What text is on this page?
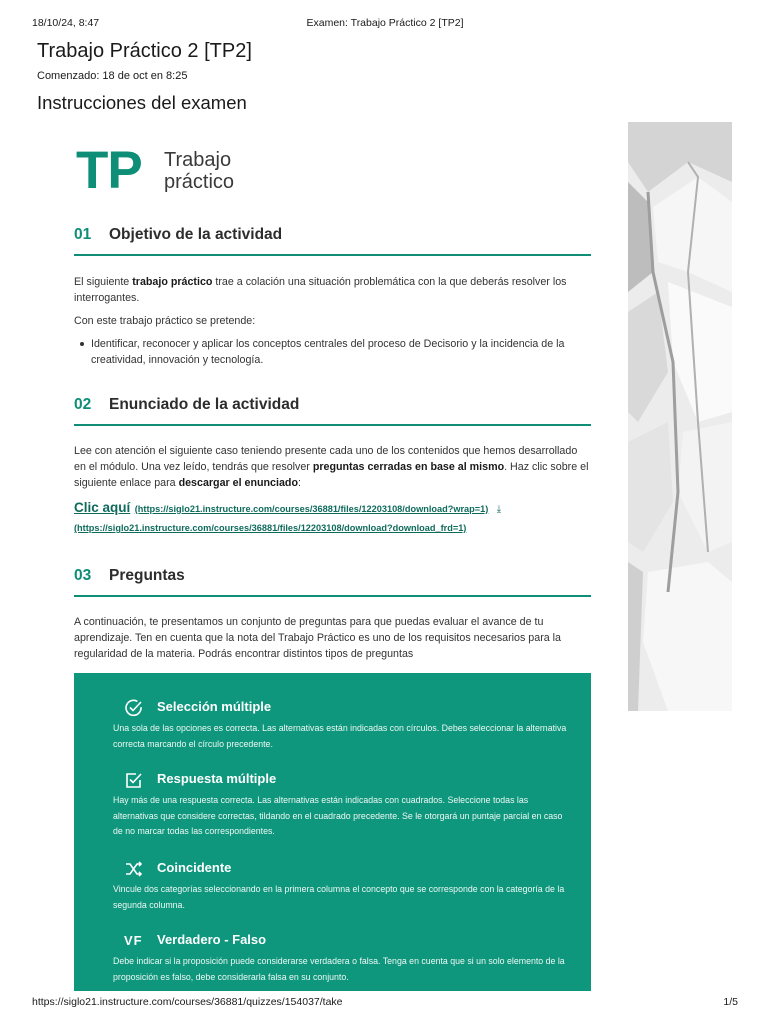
18/10/24, 8:47	Examen: Trabajo Práctico 2 [TP2]
Trabajo Práctico 2 [TP2]
Comenzado: 18 de oct en 8:25
Instrucciones del examen
TP Trabajo
práctico
01 Objetivo de la actividad
El siguiente trabajo práctico trae a colación una situación problemática con la que deberás resolver los interrogantes.
Con este trabajo práctico se pretende:
Identificar, reconocer y aplicar los conceptos centrales del proceso de Decisorio y la incidencia de la creatividad, innovación y tecnología.
02 Enunciado de la actividad
Lee con atención el siguiente caso teniendo presente cada uno de los contenidos que hemos desarrollado en el módulo. Una vez leído, tendrás que resolver preguntas cerradas en base al mismo. Haz clic sobre el siguiente enlace para descargar el enunciado:
Clic aquí (https://siglo21.instructure.com/courses/36881/files/12203108/download?wrap=1) ⤓
(https://siglo21.instructure.com/courses/36881/files/12203108/download?download_frd=1)
03 Preguntas
A continuación, te presentamos un conjunto de preguntas para que puedas evaluar el avance de tu aprendizaje. Ten en cuenta que la nota del Trabajo Práctico es uno de los requisitos necesarios para la regularidad de la materia. Podrás encontrar distintos tipos de preguntas
Selección múltiple
Una sola de las opciones es correcta. Las alternativas están indicadas con círculos. Debes seleccionar la alternativa correcta marcando el círculo precedente.
Respuesta múltiple
Hay más de una respuesta correcta. Las alternativas están indicadas con cuadrados. Seleccione todas las alternativas que considere correctas, tildando en el cuadrado precedente. Se le otorgará un puntaje parcial en caso de no marcar todas las correspondientes.
Coincidente
Vincule dos categorías seleccionando en la primera columna el concepto que se corresponde con la categoría de la segunda columna.
VF Verdadero - Falso
Debe indicar si la proposición puede considerarse verdadera o falsa. Tenga en cuenta que si un solo elemento de la proposición es falso, debe considerarla falsa en su conjunto.
https://siglo21.instructure.com/courses/36881/quizzes/154037/take	1/5
